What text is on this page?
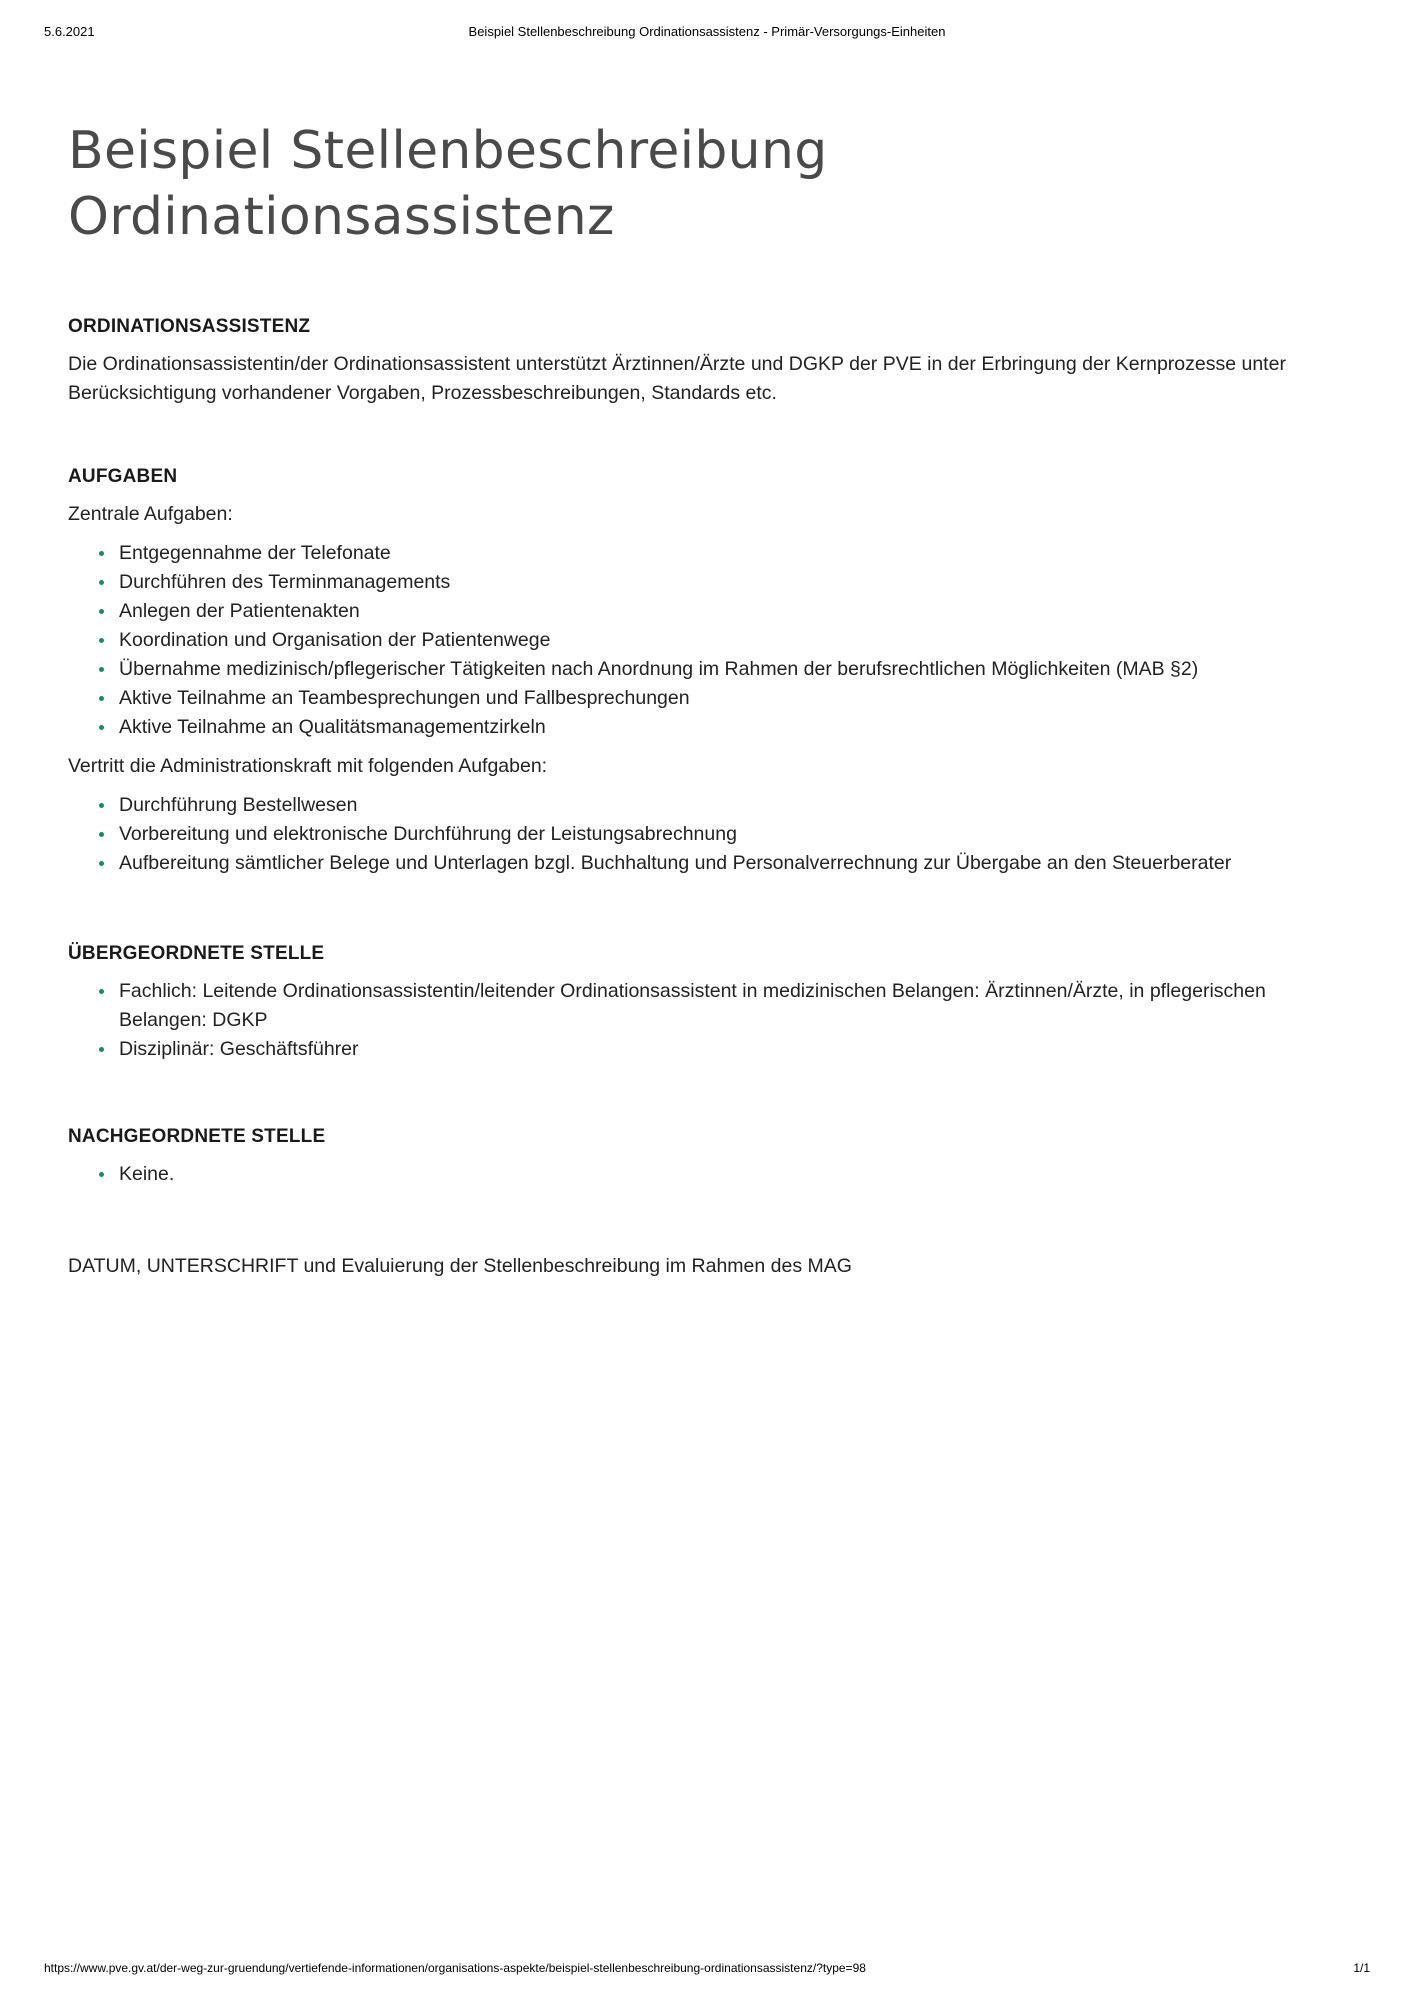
5.6.2021	Beispiel Stellenbeschreibung Ordinationsassistenz - Primär-Versorgungs-Einheiten
Beispiel Stellenbeschreibung
Ordinationsassistenz
ORDINATIONSASSISTENZ

Die Ordinationsassistentin/der Ordinationsassistent unterstützt Ärztinnen/Ärzte und DGKP der PVE in der Erbringung der Kernprozesse unter Berücksichtigung vorhandener Vorgaben, Prozessbeschreibungen, Standards etc.

AUFGABEN

Zentrale Aufgaben:

Entgegennahme der Telefonate
Durchführen des Terminmanagements
Anlegen der Patientenakten
Koordination und Organisation der Patientenwege
Übernahme medizinisch/pflegerischer Tätigkeiten nach Anordnung im Rahmen der berufsrechtlichen Möglichkeiten (MAB §2)
Aktive Teilnahme an Teambesprechungen und Fallbesprechungen
Aktive Teilnahme an Qualitätsmanagementzirkeln

Vertritt die Administrationskraft mit folgenden Aufgaben:

Durchführung Bestellwesen
Vorbereitung und elektronische Durchführung der Leistungsabrechnung
Aufbereitung sämtlicher Belege und Unterlagen bzgl. Buchhaltung und Personalverrechnung zur Übergabe an den Steuerberater
ÜBERGEORDNETE STELLE
Fachlich: Leitende Ordinationsassistentin/leitender Ordinationsassistent in medizinischen Belangen: Ärztinnen/Ärzte, in pflegerischen Belangen: DGKP
Disziplinär: Geschäftsführer
NACHGEORDNETE STELLE
Keine.

DATUM, UNTERSCHRIFT und Evaluierung der Stellenbeschreibung im Rahmen des MAG

https://www.pve.gv.at/der-weg-zur-gruendung/vertiefende-informationen/organisations-aspekte/beispiel-stellenbeschreibung-ordinationsassistenz/?type=98	1/1
